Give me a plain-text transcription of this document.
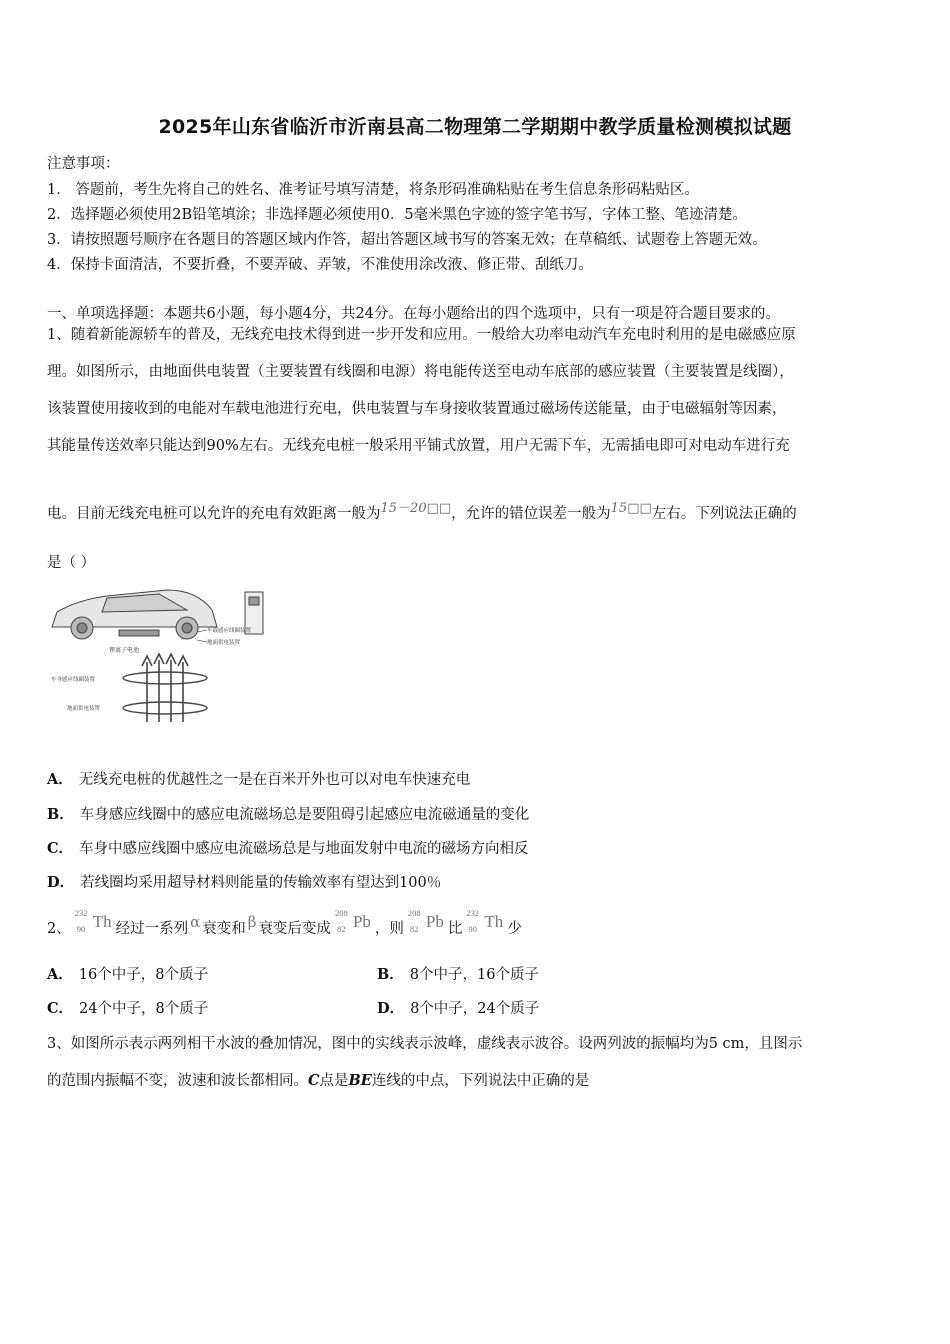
2025年山东省临沂市沂南县高二物理第二学期期中教学质量检测模拟试题
注意事项：
1． 答题前，考生先将自己的姓名、准考证号填写清楚，将条形码准确粘贴在考生信息条形码粘贴区。
2．选择题必须使用2B铅笔填涂；非选择题必须使用0．5毫米黑色字迹的签字笔书写，字体工整、笔迹清楚。
3．请按照题号顺序在各题目的答题区域内作答，超出答题区域书写的答案无效；在草稿纸、试题卷上答题无效。
4．保持卡面清洁，不要折叠，不要弄破、弄皱，不准使用涂改液、修正带、刮纸刀。
一、单项选择题：本题共6小题，每小题4分，共24分。在每小题给出的四个选项中，只有一项是符合题目要求的。
1、随着新能源轿车的普及，无线充电技术得到进一步开发和应用。一般给大功率电动汽车充电时利用的是电磁感应原
理。如图所示，由地面供电装置（主要装置有线圈和电源）将电能传送至电动车底部的感应装置（主要装置是线圈），
该装置使用接收到的电能对车载电池进行充电，供电装置与车身接收装置通过磁场传送能量，由于电磁辐射等因素，
其能量传送效率只能达到90%左右。无线充电桩一般采用平铺式放置，用户无需下车，无需插电即可对电动车进行充
电。目前无线充电桩可以允许的充电有效距离一般为15－20□□，允许的错位误差一般为15□□左右。下列说法正确的
是（ ）
车载感应线圈装置
地面供电装置
锂离子电池
车身感应线圈装置
地面供电装置
A． 无线充电桩的优越性之一是在百米开外也可以对电车快速充电
B． 车身感应线圈中的感应电流磁场总是要阻碍引起感应电流磁通量的变化
C． 车身中感应线圈中感应电流磁场总是与地面发射中电流的磁场方向相反
D． 若线圈均采用超导材料则能量的传输效率有望达到100％
2、
232
90 Th 经过一系列 α 衰变和 β 衰变后变成
208
82 Pb ，则
208
82 Pb 比
232
90 Th 少
A． 16个中子，8个质子	B． 8个中子，16个质子
C． 24个中子，8个质子	D． 8个中子，24个质子
3、如图所示表示两列相干水波的叠加情况，图中的实线表示波峰，虚线表示波谷。设两列波的振幅均为5 cm，且图示
的范围内振幅不变，波速和波长都相同。C点是BE连线的中点，下列说法中正确的是
